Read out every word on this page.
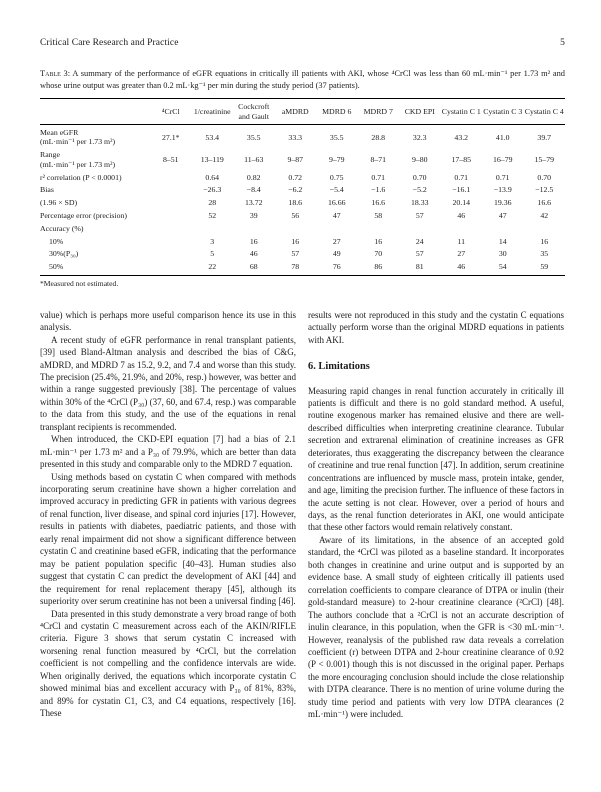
Critical Care Research and Practice	5
Table 3: A summary of the performance of eGFR equations in critically ill patients with AKI, whose ⁴CrCl was less than 60 mL·min⁻¹ per 1.73 m² and whose urine output was greater than 0.2 mL·kg⁻¹ per min during the study period (37 patients).
	⁴CrCl	1/creatinine	Cockcroft and Gault	aMDRD	MDRD 6	MDRD 7	CKD EPI	Cystatin C 1	Cystatin C 3	Cystatin C 4
Mean eGFR
(mL·min⁻¹ per 1.73 m²)	27.1*	53.4	35.5	33.3	35.5	28.8	32.3	43.2	41.0	39.7
Range
(mL·min⁻¹ per 1.73 m²)	8–51	13–119	11–63	9–87	9–79	8–71	9–80	17–85	16–79	15–79
r² correlation (P < 0.0001)		0.64	0.82	0.72	0.75	0.71	0.70	0.71	0.71	0.70
Bias		−26.3	−8.4	−6.2	−5.4	−1.6	−5.2	−16.1	−13.9	−12.5
(1.96 × SD)		28	13.72	18.6	16.66	16.6	18.33	20.14	19.36	16.6
Percentage error (precision)		52	39	56	47	58	57	46	47	42
Accuracy (%)										
10%		3	16	16	27	16	24	11	14	16
30%(P₃₀)		5	46	57	49	70	57	27	30	35
50%		22	68	78	76	86	81	46	54	59
*Measured not estimated.

value) which is perhaps more useful comparison hence its use in this analysis.

A recent study of eGFR performance in renal transplant patients, [39] used Bland-Altman analysis and described the bias of C&G, aMDRD, and MDRD 7 as 15.2, 9.2, and 7.4 and worse than this study. The precision (25.4%, 21.9%, and 20%, resp.) however, was better and within a range suggested previously [38]. The percentage of values within 30% of the ⁴CrCl (P₃₀) (37, 60, and 67.4, resp.) was comparable to the data from this study, and the use of the equations in renal transplant recipients is recommended.

When introduced, the CKD-EPI equation [7] had a bias of 2.1 mL·min⁻¹ per 1.73 m² and a P₃₀ of 79.9%, which are better than data presented in this study and comparable only to the MDRD 7 equation.

Using methods based on cystatin C when compared with methods incorporating serum creatinine have shown a higher correlation and improved accuracy in predicting GFR in patients with various degrees of renal function, liver disease, and spinal cord injuries [17]. However, results in patients with diabetes, paediatric patients, and those with early renal impairment did not show a significant difference between cystatin C and creatinine based eGFR, indicating that the performance may be patient population specific [40–43]. Human studies also suggest that cystatin C can predict the development of AKI [44] and the requirement for renal replacement therapy [45], although its superiority over serum creatinine has not been a universal finding [46].

Data presented in this study demonstrate a very broad range of both ⁴CrCl and cystatin C measurement across each of the AKIN/RIFLE criteria. Figure 3 shows that serum cystatin C increased with worsening renal function measured by ⁴CrCl, but the correlation coefficient is not compelling and the confidence intervals are wide. When originally derived, the equations which incorporate cystatin C showed minimal bias and excellent accuracy with P₃₀ of 81%, 83%, and 89% for cystatin C1, C3, and C4 equations, respectively [16]. These

results were not reproduced in this study and the cystatin C equations actually perform worse than the original MDRD equations in patients with AKI.

6. Limitations

Measuring rapid changes in renal function accurately in critically ill patients is difficult and there is no gold standard method. A useful, routine exogenous marker has remained elusive and there are well-described difficulties when interpreting creatinine clearance. Tubular secretion and extrarenal elimination of creatinine increases as GFR deteriorates, thus exaggerating the discrepancy between the clearance of creatinine and true renal function [47]. In addition, serum creatinine concentrations are influenced by muscle mass, protein intake, gender, and age, limiting the precision further. The influence of these factors in the acute setting is not clear. However, over a period of hours and days, as the renal function deteriorates in AKI, one would anticipate that these other factors would remain relatively constant.

Aware of its limitations, in the absence of an accepted gold standard, the ⁴CrCl was piloted as a baseline standard. It incorporates both changes in creatinine and urine output and is supported by an evidence base. A small study of eighteen critically ill patients used correlation coefficients to compare clearance of DTPA or inulin (their gold-standard measure) to 2-hour creatinine clearance (²CrCl) [48]. The authors conclude that a ²CrCl is not an accurate description of inulin clearance, in this population, when the GFR is <30 mL·min⁻¹. However, reanalysis of the published raw data reveals a correlation coefficient (r) between DTPA and 2-hour creatinine clearance of 0.92 (P < 0.001) though this is not discussed in the original paper. Perhaps the more encouraging conclusion should include the close relationship with DTPA clearance. There is no mention of urine volume during the study time period and patients with very low DTPA clearances (2 mL·min⁻¹) were included.
